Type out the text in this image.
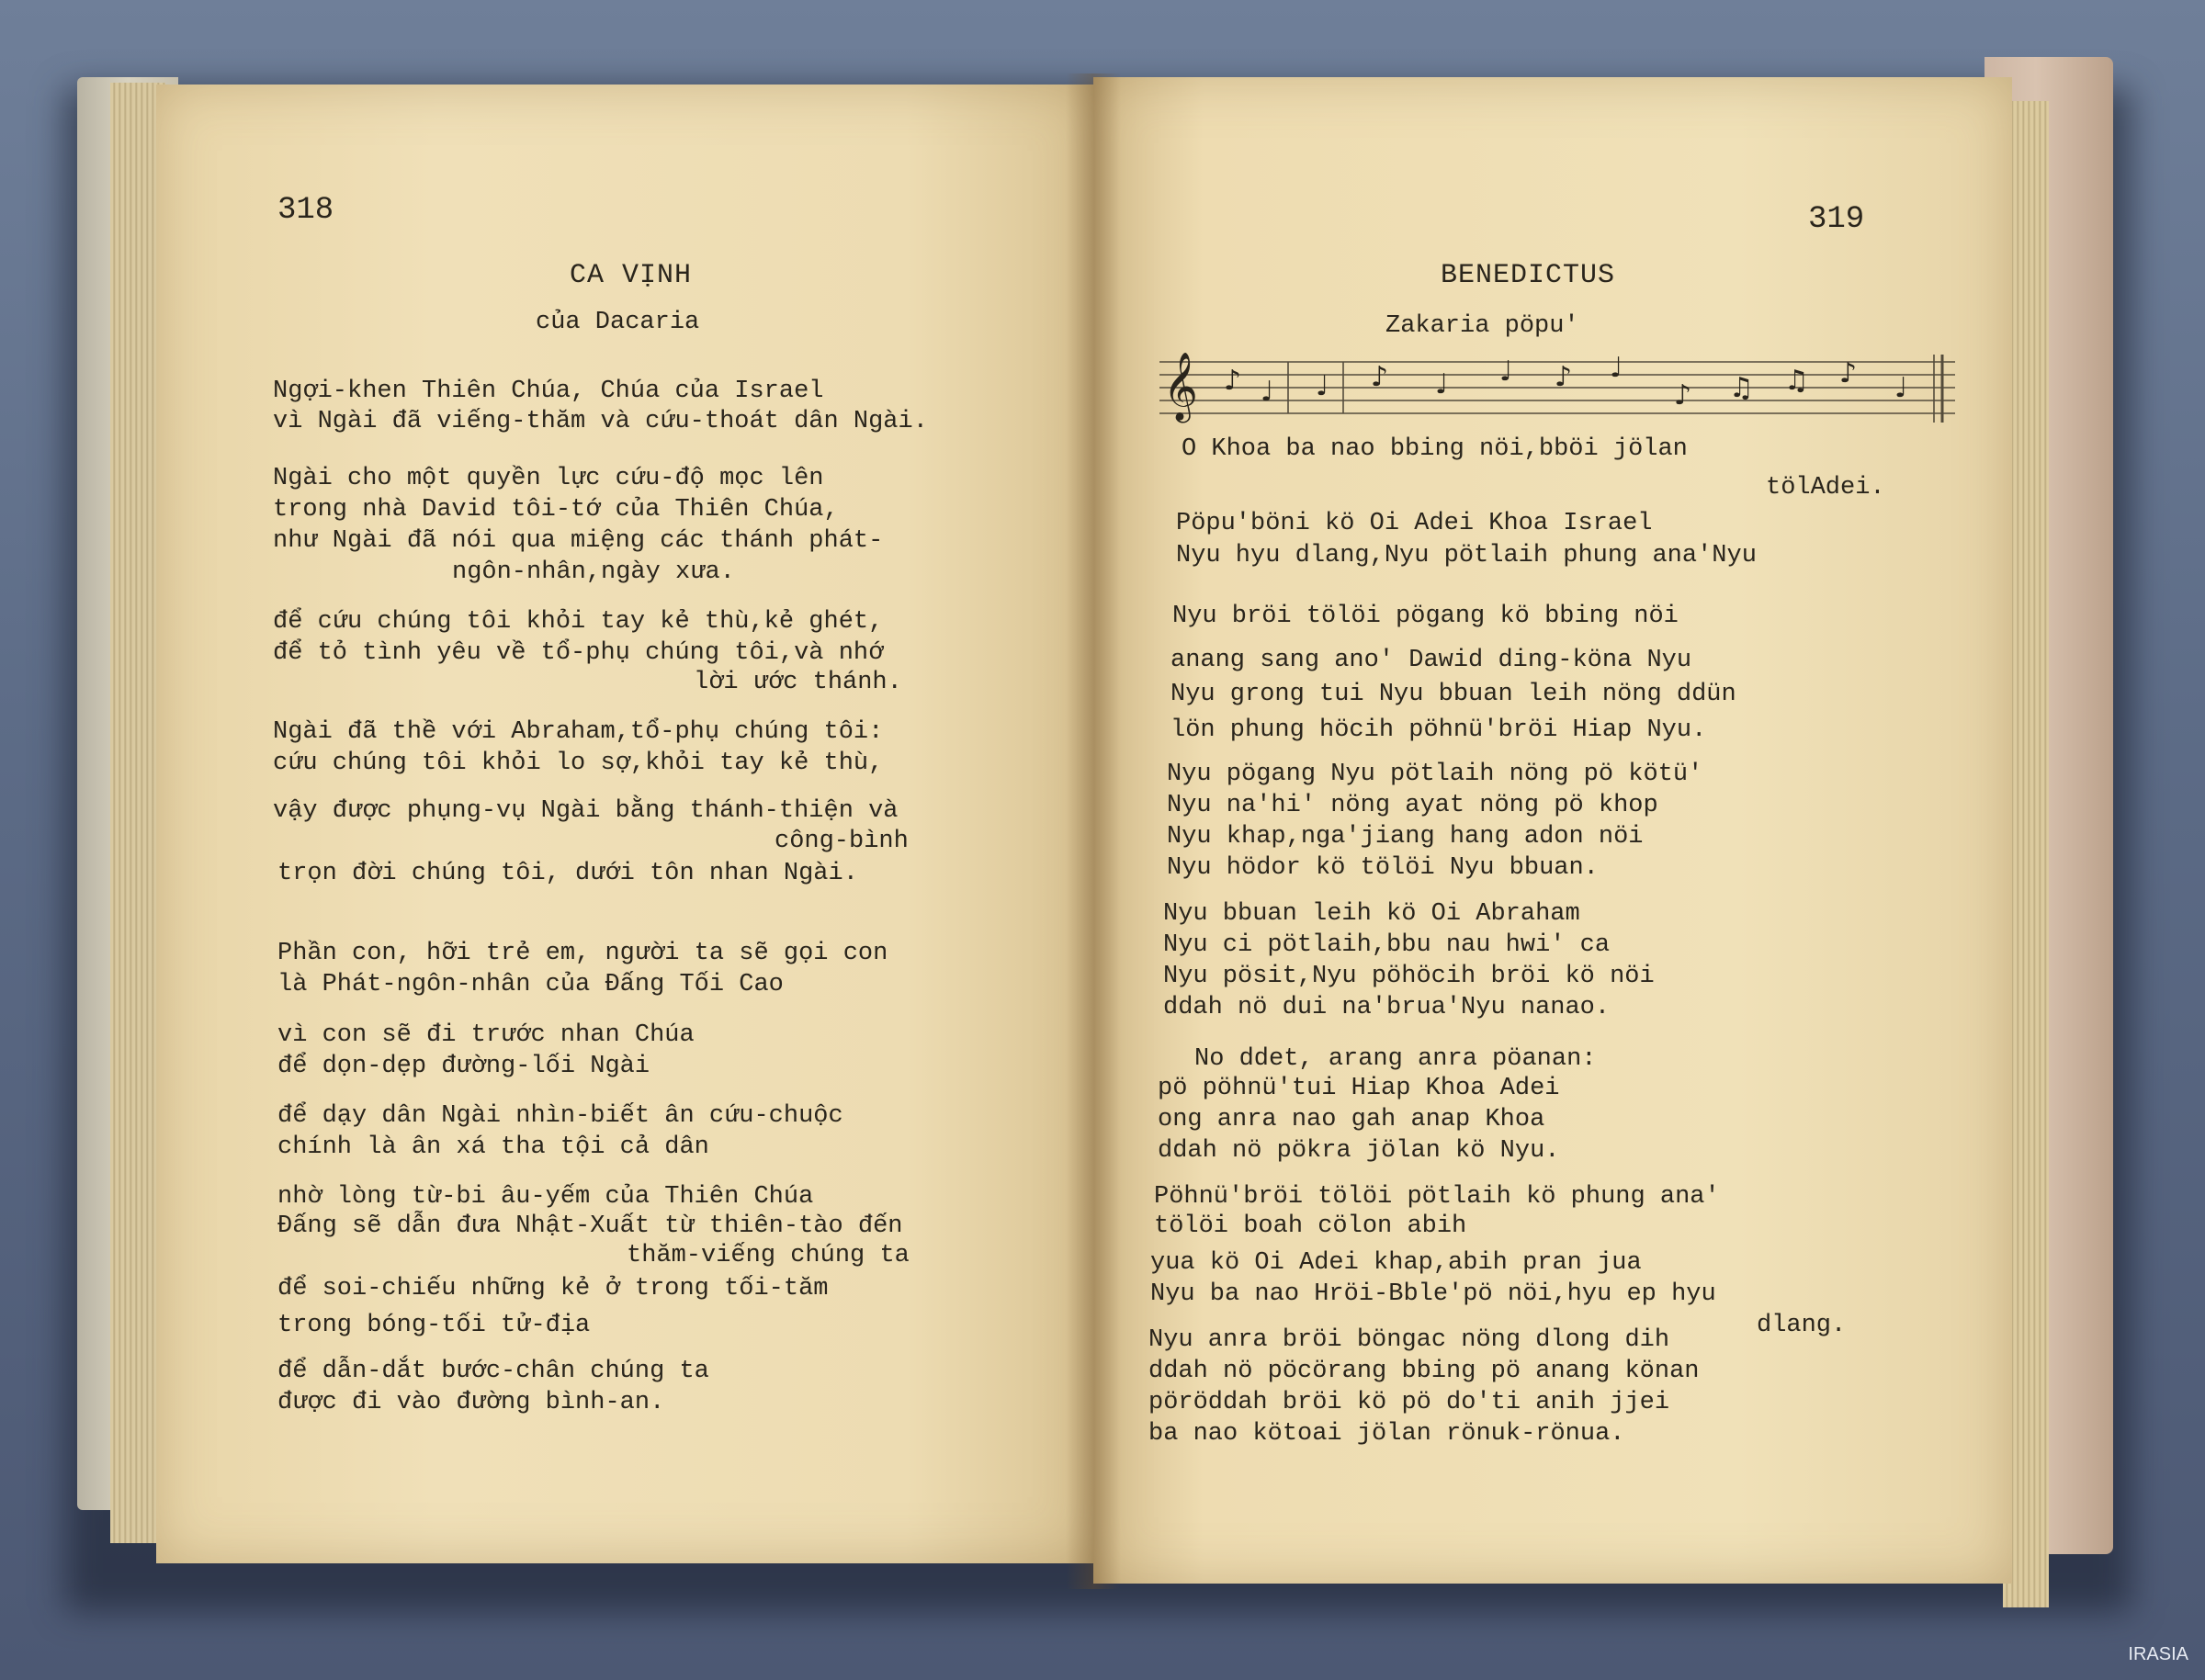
318
CA VỊNH
của Dacaria
Ngợi-khen Thiên Chúa, Chúa của Israel
vì Ngài đã viếng-thăm và cứu-thoát dân Ngài.
Ngài cho một quyền lực cứu-độ mọc lên
trong nhà David tôi-tớ của Thiên Chúa,
như Ngài đã nói qua miệng các thánh phát-
ngôn-nhân,ngày xưa.
để cứu chúng tôi khỏi tay kẻ thù,kẻ ghét,
để tỏ tình yêu về tổ-phụ chúng tôi,và nhớ
lời ước thánh.
Ngài đã thề với Abraham,tổ-phụ chúng tôi:
cứu chúng tôi khỏi lo sợ,khỏi tay kẻ thù,
vậy được phụng-vụ Ngài bằng thánh-thiện và
công-bình
trọn đời chúng tôi, dưới tôn nhan Ngài.
Phần con, hỡi trẻ em, người ta sẽ gọi con
là Phát-ngôn-nhân của Đấng Tối Cao
vì con sẽ đi trước nhan Chúa
để dọn-dẹp đường-lối Ngài
để dạy dân Ngài nhìn-biết ân cứu-chuộc
chính là ân xá tha tội cả dân
nhờ lòng từ-bi âu-yếm của Thiên Chúa
Đấng sẽ dẫn đưa Nhật-Xuất từ thiên-tào đến
thăm-viếng chúng ta
để soi-chiếu những kẻ ở trong tối-tăm
trong bóng-tối tử-địa
để dẫn-dắt bước-chân chúng ta
được đi vào đường bình-an.
319
BENEDICTUS
Zakaria pöpu'
𝄞 ♪ ♩ ♩ ♪ ♩ ♩ ♪ ♩
♪ ♫ ♫ ♪ ♩
O Khoa ba nao bbing nöi,bböi jölan
tölAdei.
Pöpu'böni kö Oi Adei Khoa Israel
Nyu hyu dlang,Nyu pötlaih phung ana'Nyu
Nyu bröi tölöi pögang kö bbing nöi
anang sang ano' Dawid ding-köna Nyu
Nyu grong tui Nyu bbuan leih nöng ddün
lön phung höcih pöhnü'bröi Hiap Nyu.
Nyu pögang Nyu pötlaih nöng pö kötü'
Nyu na'hi' nöng ayat nöng pö khop
Nyu khap,nga'jiang hang adon nöi
Nyu hödor kö tölöi Nyu bbuan.
Nyu bbuan leih kö Oi Abraham
Nyu ci pötlaih,bbu nau hwi' ca
Nyu pösit,Nyu pöhöcih bröi kö nöi
ddah nö dui na'brua'Nyu nanao.
No ddet, arang anra pöanan:
pö pöhnü'tui Hiap Khoa Adei
ong anra nao gah anap Khoa
ddah nö pökra jölan kö Nyu.
Pöhnü'bröi tölöi pötlaih kö phung ana'
tölöi boah cölon abih
yua kö Oi Adei khap,abih pran jua
Nyu ba nao Hröi-Bble'pö nöi,hyu ep hyu
dlang.
Nyu anra bröi böngac nöng dlong dih
ddah nö pöcörang bbing pö anang könan
pöröddah bröi kö pö do'ti anih jjei
ba nao kötoai jölan rönuk-rönua.
IRASIA
